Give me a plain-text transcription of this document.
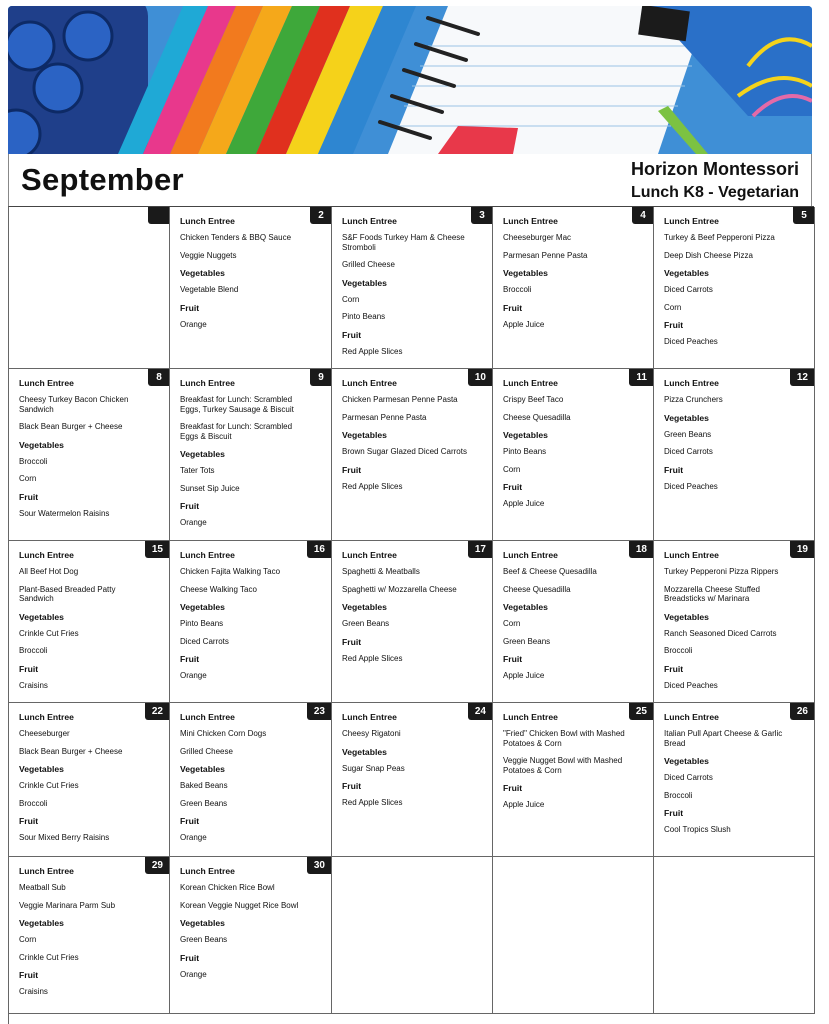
September	Horizon Montessori
Lunch K8 - Vegetarian
2
Lunch Entree
Chicken Tenders & BBQ Sauce
Veggie Nuggets
Vegetables
Vegetable Blend
Fruit
Orange
3
Lunch Entree
S&F Foods Turkey Ham & Cheese Stromboli
Grilled Cheese
Vegetables
Corn
Pinto Beans
Fruit
Red Apple Slices
4
Lunch Entree
Cheeseburger Mac
Parmesan Penne Pasta
Vegetables
Broccoli
Fruit
Apple Juice
5
Lunch Entree
Turkey & Beef Pepperoni Pizza
Deep Dish Cheese Pizza
Vegetables
Diced Carrots
Corn
Fruit
Diced Peaches
8
Lunch Entree
Cheesy Turkey Bacon Chicken Sandwich
Black Bean Burger + Cheese
Vegetables
Broccoli
Corn
Fruit
Sour Watermelon Raisins
9
Lunch Entree
Breakfast for Lunch: Scrambled Eggs, Turkey Sausage & Biscuit
Breakfast for Lunch: Scrambled Eggs & Biscuit
Vegetables
Tater Tots
Sunset Sip Juice
Fruit
Orange
10
Lunch Entree
Chicken Parmesan Penne Pasta
Parmesan Penne Pasta
Vegetables
Brown Sugar Glazed Diced Carrots
Fruit
Red Apple Slices
11
Lunch Entree
Crispy Beef Taco
Cheese Quesadilla
Vegetables
Pinto Beans
Corn
Fruit
Apple Juice
12
Lunch Entree
Pizza Crunchers
Vegetables
Green Beans
Diced Carrots
Fruit
Diced Peaches
15
Lunch Entree
All Beef Hot Dog
Plant-Based Breaded Patty Sandwich
Vegetables
Crinkle Cut Fries
Broccoli
Fruit
Craisins
16
Lunch Entree
Chicken Fajita Walking Taco
Cheese Walking Taco
Vegetables
Pinto Beans
Diced Carrots
Fruit
Orange
17
Lunch Entree
Spaghetti & Meatballs
Spaghetti w/ Mozzarella Cheese
Vegetables
Green Beans
Fruit
Red Apple Slices
18
Lunch Entree
Beef & Cheese Quesadilla
Cheese Quesadilla
Vegetables
Corn
Green Beans
Fruit
Apple Juice
19
Lunch Entree
Turkey Pepperoni Pizza Rippers
Mozzarella Cheese Stuffed Breadsticks w/ Marinara
Vegetables
Ranch Seasoned Diced Carrots
Broccoli
Fruit
Diced Peaches
22
Lunch Entree
Cheeseburger
Black Bean Burger + Cheese
Vegetables
Crinkle Cut Fries
Broccoli
Fruit
Sour Mixed Berry Raisins
23
Lunch Entree
Mini Chicken Corn Dogs
Grilled Cheese
Vegetables
Baked Beans
Green Beans
Fruit
Orange
24
Lunch Entree
Cheesy Rigatoni
Vegetables
Sugar Snap Peas
Fruit
Red Apple Slices
25
Lunch Entree
"Fried" Chicken Bowl with Mashed Potatoes & Corn
Veggie Nugget Bowl with Mashed Potatoes & Corn
Fruit
Apple Juice
26
Lunch Entree
Italian Pull Apart Cheese & Garlic Bread
Vegetables
Diced Carrots
Broccoli
Fruit
Cool Tropics Slush
29
Lunch Entree
Meatball Sub
Veggie Marinara Parm Sub
Vegetables
Corn
Crinkle Cut Fries
Fruit
Craisins
30
Lunch Entree
Korean Chicken Rice Bowl
Korean Veggie Nugget Rice Bowl
Vegetables
Green Beans
Fruit
Orange
